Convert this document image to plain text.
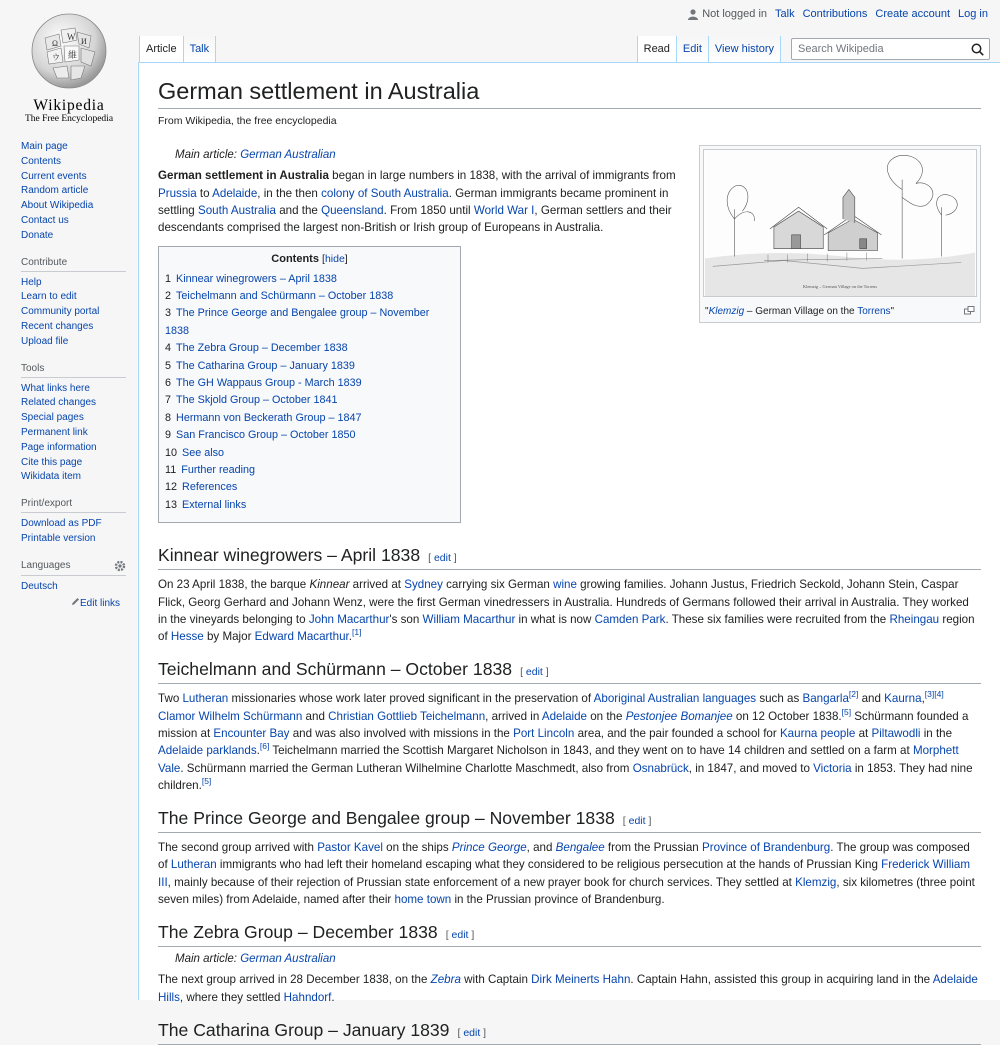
Not logged in Talk Contributions Create account Log in
Ω
W И
維
ウ
Wikipedia
The Free Encyclopedia
Main page
Contents
Current events
Random article
About Wikipedia
Contact us
Donate
Contribute
Help
Learn to edit
Community portal
Recent changes
Upload file
Tools
What links here
Related changes
Special pages
Permanent link
Page information
Cite this page
Wikidata item
Print/export
Download as PDF
Printable version
Languages
Deutsch
Edit links
Article	Talk	Read	Edit	View history	Search Wikipedia
German settlement in Australia
From Wikipedia, the free encyclopedia
Klemzig – German Village on the Torrens
"Klemzig – German Village on the Torrens"
Main article: German Australian

German settlement in Australia began in large numbers in 1838, with the arrival of immigrants from Prussia to Adelaide, in the then colony of South Australia. German immigrants became prominent in settling South Australia and the Queensland. From 1850 until World War I, German settlers and their descendants comprised the largest non-British or Irish group of Europeans in Australia.

Contents [hide]
1 Kinnear winegrowers – April 1838
2 Teichelmann and Schürmann – October 1838
3 The Prince George and Bengalee group – November 1838
4 The Zebra Group – December 1838
5 The Catharina Group – January 1839
6 The GH Wappaus Group - March 1839
7 The Skjold Group – October 1841
8 Hermann von Beckerath Group – 1847
9 San Francisco Group – October 1850
10 See also
11 Further reading
12 References
13 External links
Kinnear winegrowers – April 1838 [ edit ]

On 23 April 1838, the barque Kinnear arrived at Sydney carrying six German wine growing families. Johann Justus, Friedrich Seckold, Johann Stein, Caspar Flick, Georg Gerhard and Johann Wenz, were the first German vinedressers in Australia. Hundreds of Germans followed their arrival in Australia. They worked in the vineyards belonging to John Macarthur's son William Macarthur in what is now Camden Park. These six families were recruited from the Rheingau region of Hesse by Major Edward Macarthur.[1]

Teichelmann and Schürmann – October 1838 [ edit ]

Two Lutheran missionaries whose work later proved significant in the preservation of Aboriginal Australian languages such as Bangarla[2] and Kaurna,[3][4] Clamor Wilhelm Schürmann and Christian Gottlieb Teichelmann, arrived in Adelaide on the Pestonjee Bomanjee on 12 October 1838.[5] Schürmann founded a mission at Encounter Bay and was also involved with missions in the Port Lincoln area, and the pair founded a school for Kaurna people at Piltawodli in the Adelaide parklands.[6] Teichelmann married the Scottish Margaret Nicholson in 1843, and they went on to have 14 children and settled on a farm at Morphett Vale. Schürmann married the German Lutheran Wilhelmine Charlotte Maschmedt, also from Osnabrück, in 1847, and moved to Victoria in 1853. They had nine children.[5]

The Prince George and Bengalee group – November 1838 [ edit ]

The second group arrived with Pastor Kavel on the ships Prince George, and Bengalee from the Prussian Province of Brandenburg. The group was composed of Lutheran immigrants who had left their homeland escaping what they considered to be religious persecution at the hands of Prussian King Frederick William III, mainly because of their rejection of Prussian state enforcement of a new prayer book for church services. They settled at Klemzig, six kilometres (three point seven miles) from Adelaide, named after their home town in the Prussian province of Brandenburg.

The Zebra Group – December 1838 [ edit ]
Main article: German Australian

The next group arrived in 28 December 1838, on the Zebra with Captain Dirk Meinerts Hahn. Captain Hahn, assisted this group in acquiring land in the Adelaide Hills, where they settled Hahndorf.

The Catharina Group – January 1839 [ edit ]
